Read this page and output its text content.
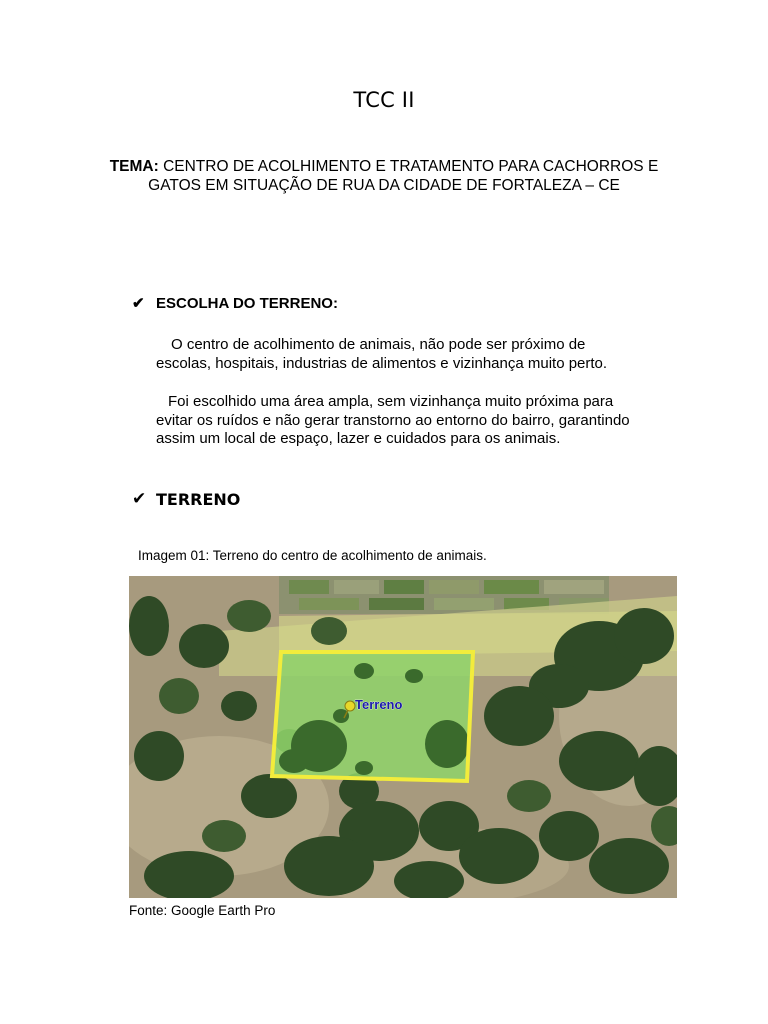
TCC II
TEMA: CENTRO DE ACOLHIMENTO E TRATAMENTO PARA CACHORROS E
GATOS EM SITUAÇÃO DE RUA DA CIDADE DE FORTALEZA – CE
✔ ESCOLHA DO TERRENO:
O centro de acolhimento de animais, não pode ser próximo de
escolas, hospitais, industrias de alimentos e vizinhança muito perto.
Foi escolhido uma área ampla, sem vizinhança muito próxima para
evitar os ruídos e não gerar transtorno ao entorno do bairro, garantindo
assim um local de espaço, lazer e cuidados para os animais.
✔ TERRENO
Imagem 01: Terreno do centro de acolhimento de animais.
Terreno
Fonte: Google Earth Pro
